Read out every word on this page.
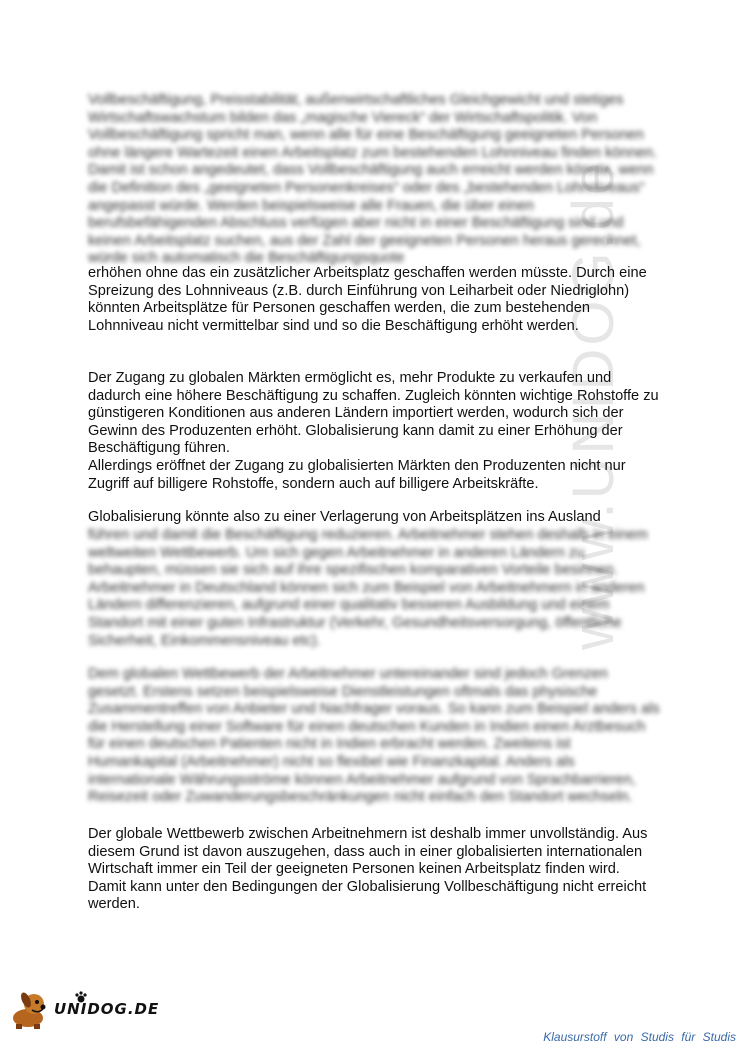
www.UNIDOG.de

Vollbeschäftigung, Preisstabilität, außenwirtschaftliches Gleichgewicht und stetiges Wirtschaftswachstum bilden das „magische Viereck“ der Wirtschaftspolitik. Von Vollbeschäftigung spricht man, wenn alle für eine Beschäftigung geeigneten Personen ohne längere Wartezeit einen Arbeitsplatz zum bestehenden Lohnniveau finden können. Damit ist schon angedeutet, dass Vollbeschäftigung auch erreicht werden könnte, wenn die Definition des „geeigneten Personenkreises“ oder des „bestehenden Lohnniveaus“ angepasst würde. Werden beispielsweise alle Frauen, die über einen berufsbefähigenden Abschluss verfügen aber nicht in einer Beschäftigung sind und keinen Arbeitsplatz suchen, aus der Zahl der geeigneten Personen heraus gerechnet, würde sich automatisch die Beschäftigungsquote

erhöhen ohne das ein zusätzlicher Arbeitsplatz geschaffen werden müsste. Durch eine Spreizung des Lohnniveaus (z.B. durch Einführung von Leiharbeit oder Niedriglohn) könnten Arbeitsplätze für Personen geschaffen werden, die zum bestehenden Lohnniveau nicht vermittelbar sind und so die Beschäftigung erhöht werden.

Der Zugang zu globalen Märkten ermöglicht es, mehr Produkte zu verkaufen und dadurch eine höhere Beschäftigung zu schaffen. Zugleich könnten wichtige Rohstoffe zu günstigeren Konditionen aus anderen Ländern importiert werden, wodurch sich der Gewinn des Produzenten erhöht. Globalisierung kann damit zu einer Erhöhung der Beschäftigung führen.

Allerdings eröffnet der Zugang zu globalisierten Märkten den Produzenten nicht nur Zugriff auf billigere Rohstoffe, sondern auch auf billigere Arbeitskräfte.

Globalisierung könnte also zu einer Verlagerung von Arbeitsplätzen ins Ausland

führen und damit die Beschäftigung reduzieren. Arbeitnehmer stehen deshalb in einem weltweiten Wettbewerb. Um sich gegen Arbeitnehmer in anderen Ländern zu behaupten, müssen sie sich auf ihre spezifischen komparativen Vorteile besinnen. Arbeitnehmer in Deutschland können sich zum Beispiel von Arbeitnehmern in anderen Ländern differenzieren, aufgrund einer qualitativ besseren Ausbildung und einem Standort mit einer guten Infrastruktur (Verkehr, Gesundheitsversorgung, öffentliche Sicherheit, Einkommensniveau etc).

Dem globalen Wettbewerb der Arbeitnehmer untereinander sind jedoch Grenzen gesetzt. Erstens setzen beispielsweise Dienstleistungen oftmals das physische Zusammentreffen von Anbieter und Nachfrager voraus. So kann zum Beispiel anders als die Herstellung einer Software für einen deutschen Kunden in Indien einen Arztbesuch für einen deutschen Patienten nicht in Indien erbracht werden. Zweitens ist Humankapital (Arbeitnehmer) nicht so flexibel wie Finanzkapital. Anders als internationale Währungsströme können Arbeitnehmer aufgrund von Sprachbarrieren, Reisezeit oder Zuwanderungsbeschränkungen nicht einfach den Standort wechseln.

Der globale Wettbewerb zwischen Arbeitnehmern ist deshalb immer unvollständig. Aus diesem Grund ist davon auszugehen, dass auch in einer globalisierten internationalen Wirtschaft immer ein Teil der geeigneten Personen keinen Arbeitsplatz finden wird. Damit kann unter den Bedingungen der Globalisierung Vollbeschäftigung nicht erreicht werden.

UNIDOG.DE
Klausurstoff von Studis für Studis
